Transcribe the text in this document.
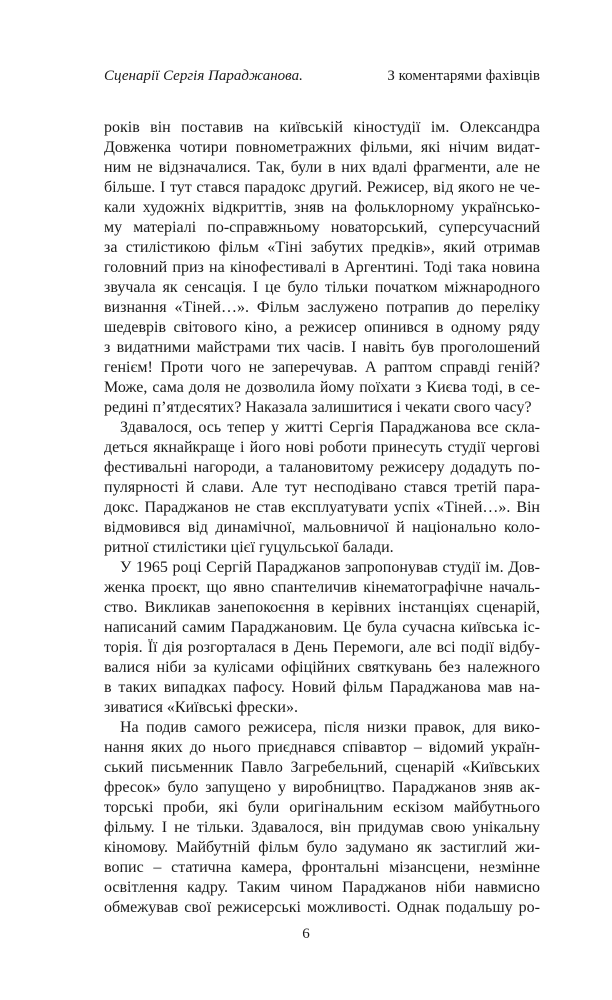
Сценарії Сергія Параджанова.	З коментарями фахівців
років він поставив на київській кіностудії ім. Олександра
Довженка чотири повнометражних фільми, які нічим видат-
ним не відзначалися. Так, були в них вдалі фрагменти, але не
більше. І тут стався парадокс другий. Режисер, від якого не че-
кали художніх відкриттів, зняв на фольклорному українсько-
му матеріалі по-справжньому новаторський, суперсучасний
за стилістикою фільм «Тіні забутих предків», який отримав
головний приз на кінофестивалі в Аргентині. Тоді така новина
звучала як сенсація. І це було тільки початком міжнародного
визнання «Тіней…». Фільм заслужено потрапив до переліку
шедеврів світового кіно, а режисер опинився в одному ряду
з видатними майстрами тих часів. І навіть був проголошений
генієм! Проти чого не заперечував. А раптом справді геній?
Може, сама доля не дозволила йому поїхати з Києва тоді, в се-
редині п’ятдесятих? Наказала залишитися і чекати свого часу?
Здавалося, ось тепер у житті Сергія Параджанова все скла-
деться якнайкраще і його нові роботи принесуть студії чергові
фестивальні нагороди, а талановитому режисеру додадуть по-
пулярності й слави. Але тут несподівано стався третій пара-
докс. Параджанов не став експлуатувати успіх «Тіней…». Він
відмовився від динамічної, мальовничої й національно коло-
ритної стилістики цієї гуцульської балади.
У 1965 році Сергій Параджанов запропонував студії ім. Дов-
женка проєкт, що явно спантеличив кінематографічне началь-
ство. Викликав занепокоєння в керівних інстанціях сценарій,
написаний самим Параджановим. Це була сучасна київська іс-
торія. Її дія розгорталася в День Перемоги, але всі події відбу-
валися ніби за кулісами офіційних святкувань без належного
в таких випадках пафосу. Новий фільм Параджанова мав на-
зиватися «Київські фрески».
На подив самого режисера, після низки правок, для вико-
нання яких до нього приєднався співавтор – відомий україн-
ський письменник Павло Загребельний, сценарій «Київських
фресок» було запущено у виробництво. Параджанов зняв ак-
торські проби, які були оригінальним ескізом майбутнього
фільму. І не тільки. Здавалося, він придумав свою унікальну
кіномову. Майбутній фільм було задумано як застиглий жи-
вопис – статична камера, фронтальні мізансцени, незмінне
освітлення кадру. Таким чином Параджанов ніби навмисно
обмежував свої режисерські можливості. Однак подальшу ро-
6
